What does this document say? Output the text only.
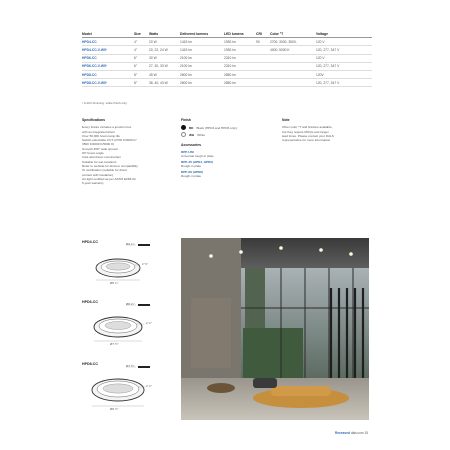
Model	Size	Watts	Delivered lumens	LED lumens	CRI	Color °T	Voltage
HPD4-CC	4"	20 W	1415 lm	1930 lm	90	2700, 3000, 3500,	120 V
HPD4-CC-V-W5¹	4"	20, 22, 24 W	1415 lm	1930 lm		4000, 5000 K	120, 277, 347 V
HPD6-CC	6"	30 W	2100 lm	2310 lm			120 V
HPD6-CC-V-W5¹	6"	27, 30, 33 W	2100 lm	2310 lm			120, 277, 347 V
HPD8-CC	8"	45 W	2600 lm	2850 lm			120V
HPD8-CC-V-W5¹	8"	36, 40, 43 W	2600 lm	2850 lm			120, 277, 347 V
¹ 0-10V dimming, white finish only
Specifications
Every fixture includes a junction box
with an integrated driver
Over 50,000 hours lamp life
Switch-selectable CCT (2700 K/3000 K/
3500 K/4000 K/5000 K)
Smooth 360° wide spread
90° beam angle
Cast aluminium construction
Suitable for wet locations
Refer to website for dimmer compatibility
IC certification (suitable for direct
contact with insulation)
Air-tight certified as per ASTM E283-04
5-year warranty
Finish
BK Black (HPD4 and HPD6 only)
WH White
Accessories
RPP-UNI
Universal rough-in plate
RPP-46 (HPD4, HPD6)
Rough-in plate
RPP-68 (HPD8)
Rough-in plate
Note
Other color °T and finishes available,
but they require MOQs and longer
lead times. Please contact your DALS
representative for more information.
HPD4-CC	Ø4 ¾"
2 ½"
Ø5 ¾"
HPD6-CC	Ø6 ¼"
2 ¾"
Ø7 ½"
HPD8-CC	Ø7 ½"
2 ¾"
Ø9 ½"
Recessed dals.com 15
